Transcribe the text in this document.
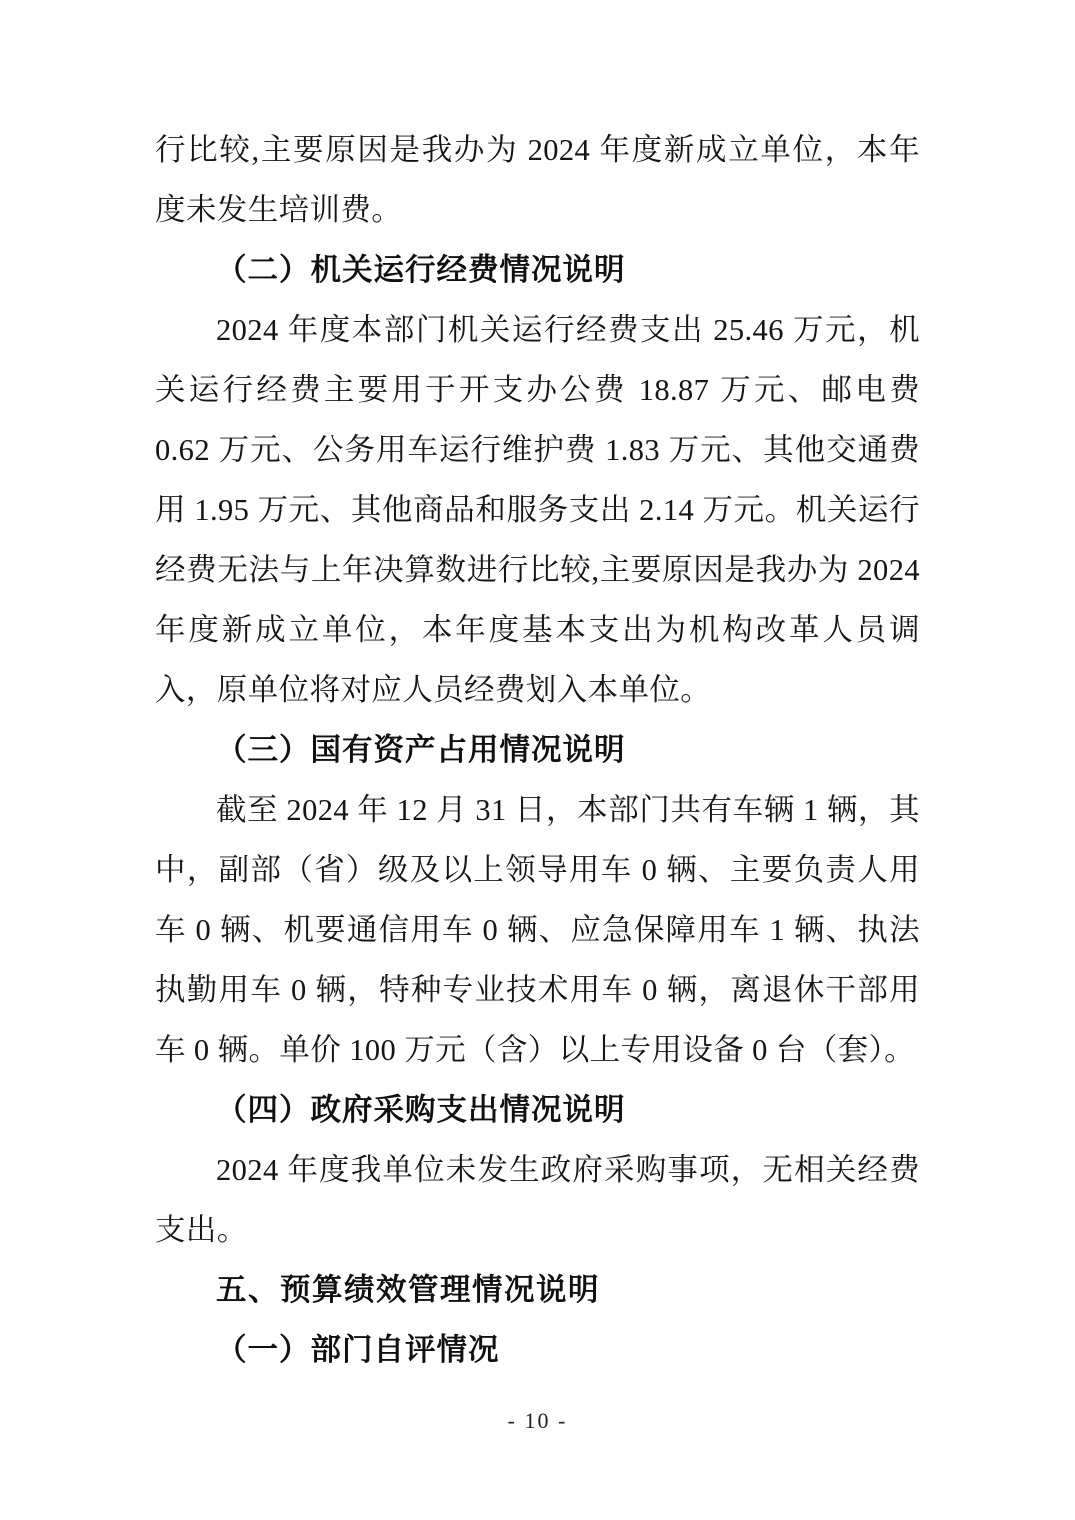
行比较,主要原因是我办为 2024 年度新成立单位，本年度未发生培训费。

（二）机关运行经费情况说明

2024 年度本部门机关运行经费支出 25.46 万元，机关运行经费主要用于开支办公费 18.87 万元、邮电费 0.62 万元、公务用车运行维护费 1.83 万元、其他交通费用 1.95 万元、其他商品和服务支出 2.14 万元。机关运行经费无法与上年决算数进行比较,主要原因是我办为 2024 年度新成立单位，本年度基本支出为机构改革人员调入，原单位将对应人员经费划入本单位。

（三）国有资产占用情况说明

截至 2024 年 12 月 31 日，本部门共有车辆 1 辆，其中，副部（省）级及以上领导用车 0 辆、主要负责人用车 0 辆、机要通信用车 0 辆、应急保障用车 1 辆、执法执勤用车 0 辆，特种专业技术用车 0 辆，离退休干部用车 0 辆。单价 100 万元（含）以上专用设备 0 台（套）。

（四）政府采购支出情况说明

2024 年度我单位未发生政府采购事项，无相关经费支出。

五、预算绩效管理情况说明
（一）部门自评情况
- 10 -
